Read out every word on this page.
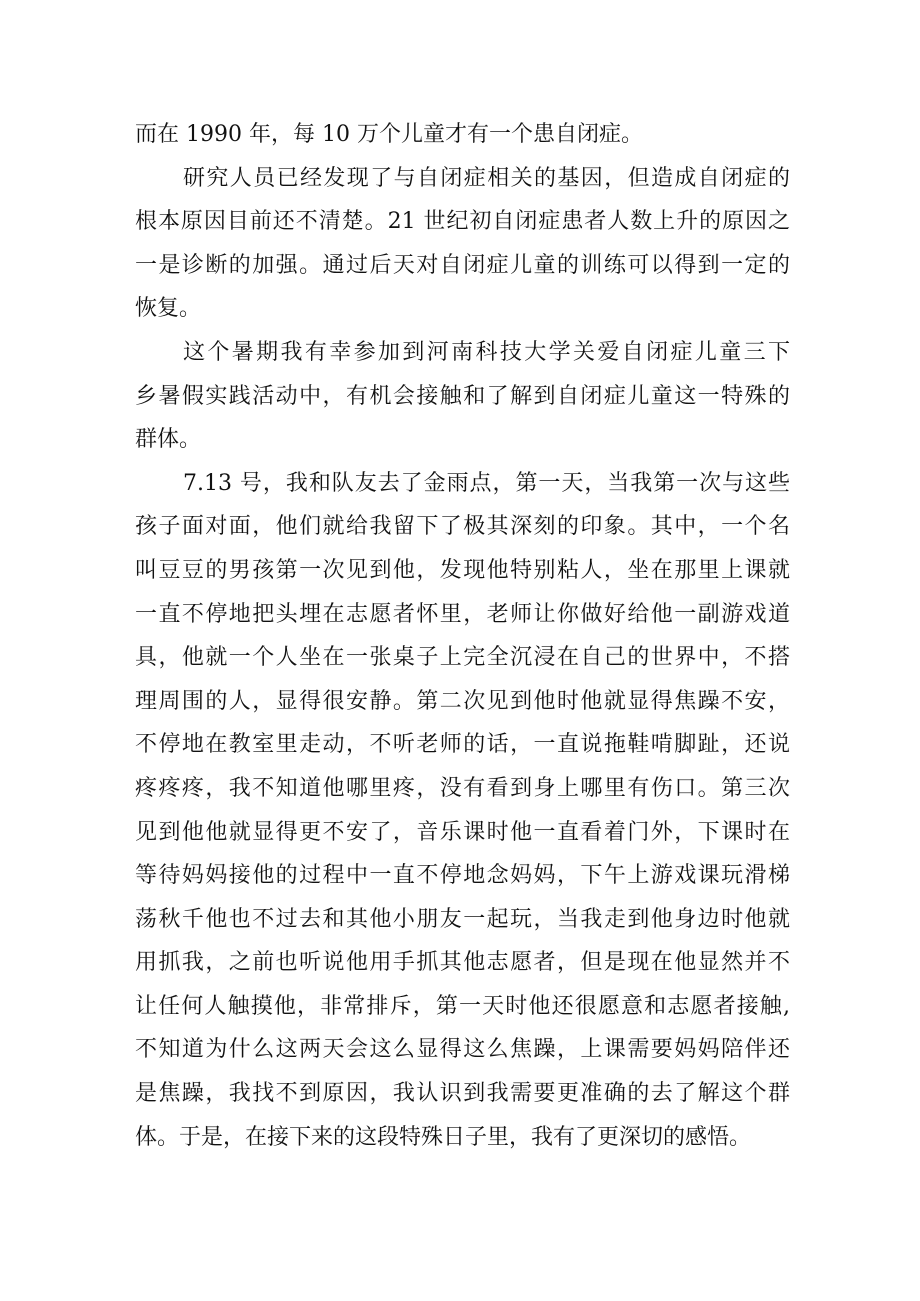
而在 1990 年，每 10 万个儿童才有一个患自闭症。
研究人员已经发现了与自闭症相关的基因，但造成自闭症的
根本原因目前还不清楚。21 世纪初自闭症患者人数上升的原因之
一是诊断的加强。通过后天对自闭症儿童的训练可以得到一定的
恢复。
这个暑期我有幸参加到河南科技大学关爱自闭症儿童三下
乡暑假实践活动中，有机会接触和了解到自闭症儿童这一特殊的
群体。
7.13 号，我和队友去了金雨点，第一天，当我第一次与这些
孩子面对面，他们就给我留下了极其深刻的印象。其中，一个名
叫豆豆的男孩第一次见到他，发现他特别粘人，坐在那里上课就
一直不停地把头埋在志愿者怀里，老师让你做好给他一副游戏道
具，他就一个人坐在一张桌子上完全沉浸在自己的世界中，不搭
理周围的人，显得很安静。第二次见到他时他就显得焦躁不安，
不停地在教室里走动，不听老师的话，一直说拖鞋啃脚趾，还说
疼疼疼，我不知道他哪里疼，没有看到身上哪里有伤口。第三次
见到他他就显得更不安了，音乐课时他一直看着门外，下课时在
等待妈妈接他的过程中一直不停地念妈妈，下午上游戏课玩滑梯
荡秋千他也不过去和其他小朋友一起玩，当我走到他身边时他就
用抓我，之前也听说他用手抓其他志愿者，但是现在他显然并不
让任何人触摸他，非常排斥，第一天时他还很愿意和志愿者接触,
不知道为什么这两天会这么显得这么焦躁，上课需要妈妈陪伴还
是焦躁，我找不到原因，我认识到我需要更准确的去了解这个群
体。于是，在接下来的这段特殊日子里，我有了更深切的感悟。
